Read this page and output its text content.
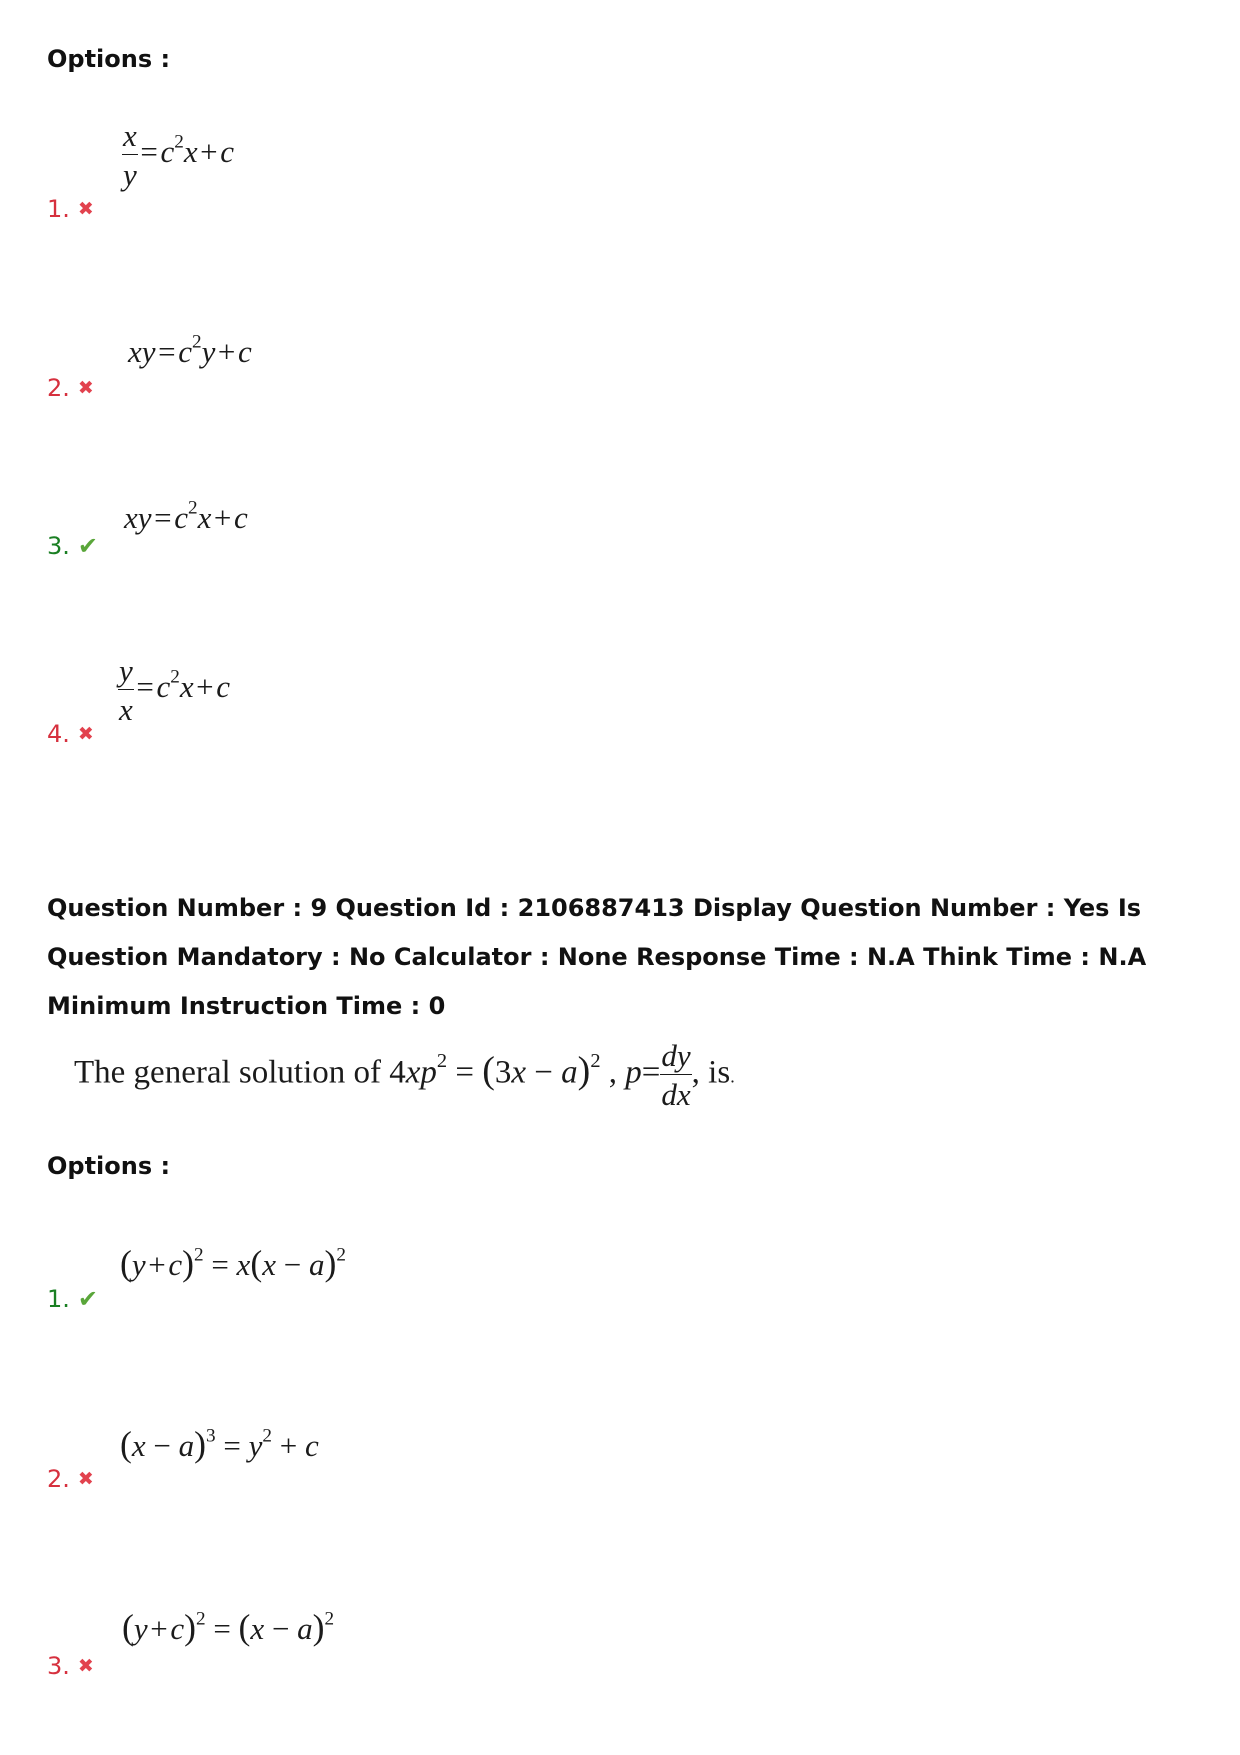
Options :
$\frac{x}{y}$  = $c^2x$ + c
1. ✖
xy = $c^2y$ + c
2. ✖
xy = $c^2x$ + c
3. ✔
$\frac{y}{x}$  = $c^2x$ + c
4. ✖
Question Number : 9 Question Id : 2106887413 Display Question Number : Yes Is Question Mandatory : No Calculator : None Response Time : N.A Think Time : N.A Minimum Instruction Time : 0
The general solution of $4xp^2 = (3x - a)^2$ , $p= \frac{dy}{dx}$ , is.
Options :
(y + $c)^2 = x(x - a)^2$
1. ✔
$(x - a)^3 = y^2 + c$
2. ✖
(y + $c)^2 = (x - a)^2$
3. ✖
